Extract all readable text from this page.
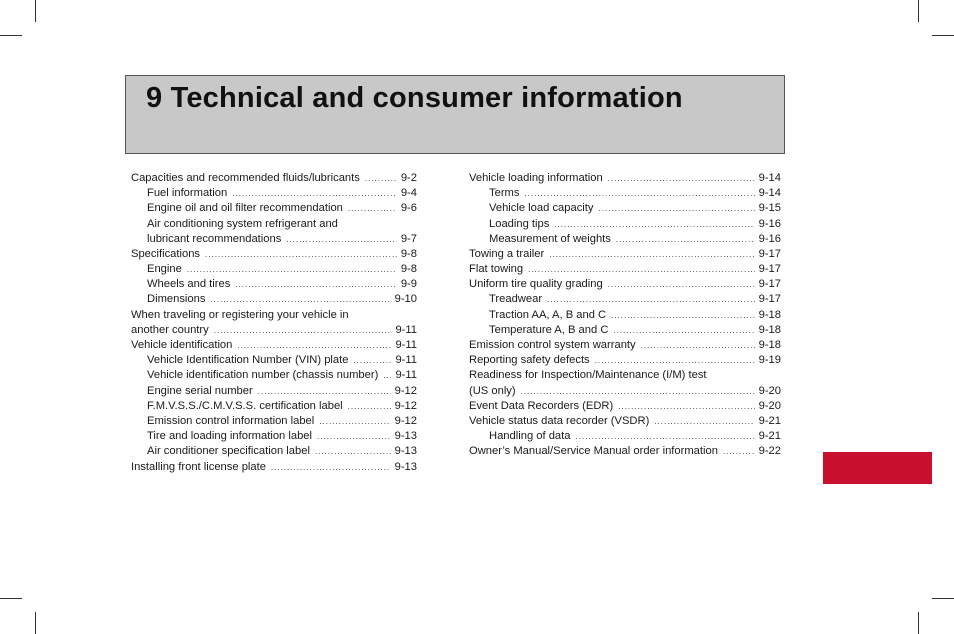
9 Technical and consumer information
Capacities and recommended fluids/lubricants .....	9-2
Fuel information .....	9-4
Engine oil and oil filter recommendation .....	9-6
Air conditioning system refrigerant and
lubricant recommendations .....	9-7
Specifications .....	9-8
Engine .....	9-8
Wheels and tires .....	9-9
Dimensions .....	9-10
When traveling or registering your vehicle in
another country .....	9-11
Vehicle identification .....	9-11
Vehicle Identification Number (VIN) plate .....	9-11
Vehicle identification number (chassis number) ..... 9-11
Engine serial number .....	9-12
F.M.V.S.S./C.M.V.S.S. certification label .....	9-12
Emission control information label .....	9-12
Tire and loading information label .....	9-13
Air conditioner specification label .....	9-13
Installing front license plate .....	9-13
Vehicle loading information .....	9-14
Terms .....	9-14
Vehicle load capacity .....	9-15
Loading tips .....	9-16
Measurement of weights .....	9-16
Towing a trailer .....	9-17
Flat towing .....	9-17
Uniform tire quality grading .....	9-17
Treadwear .....	9-17
Traction AA, A, B and C .....	9-18
Temperature A, B and C .....	9-18
Emission control system warranty .....	9-18
Reporting safety defects .....	9-19
Readiness for Inspection/Maintenance (I/M) test
(US only) .....	9-20
Event Data Recorders (EDR) .....	9-20
Vehicle status data recorder (VSDR) .....	9-21
Handling of data .....	9-21
Owner’s Manual/Service Manual order information .....	9-22
